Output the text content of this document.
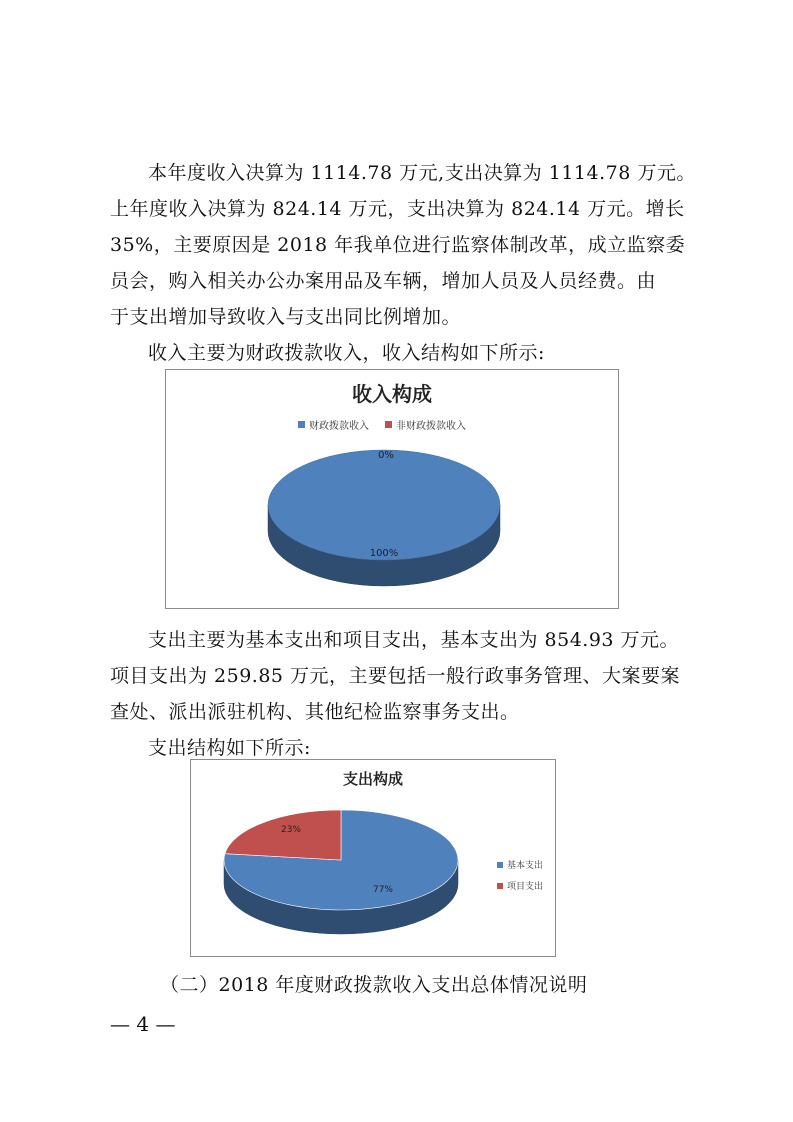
本年度收入决算为 1114.78 万元,支出决算为 1114.78 万元。
上年度收入决算为 824.14 万元，支出决算为 824.14 万元。增长
35%，主要原因是 2018 年我单位进行监察体制改革，成立监察委
员会，购入相关办公办案用品及车辆，增加人员及人员经费。由
于支出增加导致收入与支出同比例增加。
收入主要为财政拨款收入，收入结构如下所示:
收入构成
财政拨款收入	非财政拨款收入
100%
0%
支出主要为基本支出和项目支出，基本支出为 854.93 万元。
项目支出为 259.85 万元，主要包括一般行政事务管理、大案要案
查处、派出派驻机构、其他纪检监察事务支出。
支出结构如下所示:
支出构成
基本支出
项目支出
77%
23%
（二）2018 年度财政拨款收入支出总体情况说明
— 4 —
